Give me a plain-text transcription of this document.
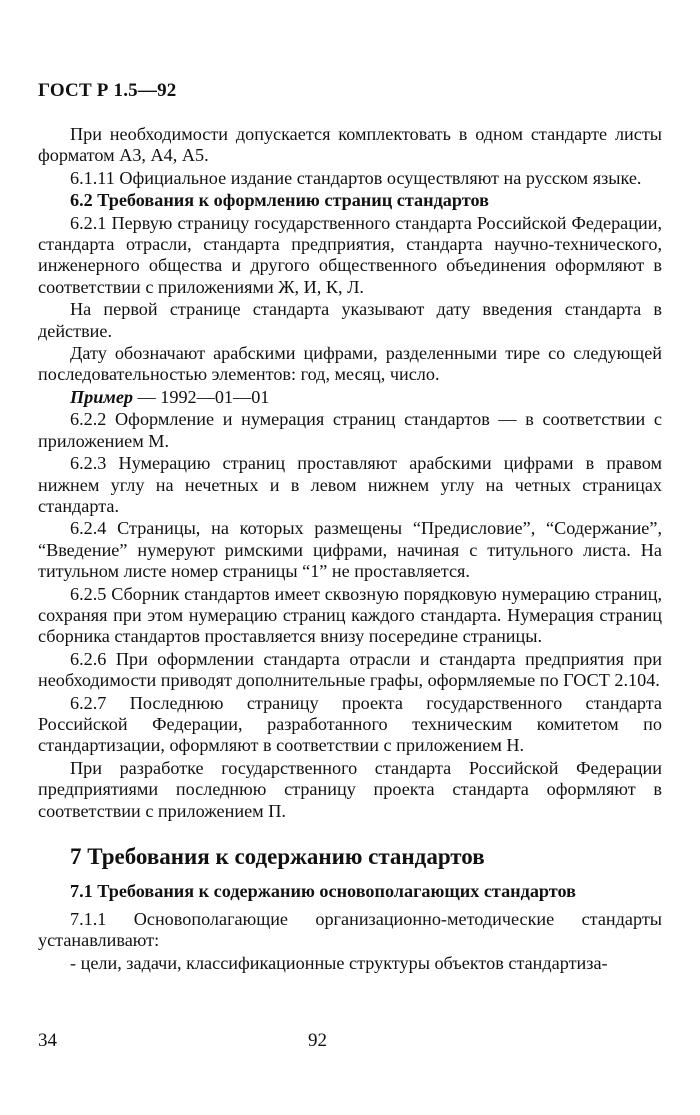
ГОСТ Р 1.5—92

При необходимости допускается комплектовать в одном стандарте листы форматом А3, А4, А5.

6.1.11 Официальное издание стандартов осуществляют на русском языке.

6.2 Требования к оформлению страниц стандартов

6.2.1 Первую страницу государственного стандарта Российской Федерации, стандарта отрасли, стандарта предприятия, стандарта научно-технического, инженерного общества и другого общественного объединения оформляют в соответствии с приложениями Ж, И, К, Л.

На первой странице стандарта указывают дату введения стандарта в действие.

Дату обозначают арабскими цифрами, разделенными тире со следующей последовательностью элементов: год, месяц, число.

Пример — 1992—01—01

6.2.2 Оформление и нумерация страниц стандартов — в соответствии с приложением М.

6.2.3 Нумерацию страниц проставляют арабскими цифрами в правом нижнем углу на нечетных и в левом нижнем углу на четных страницах стандарта.

6.2.4 Страницы, на которых размещены “Предисловие”, “Содержание”, “Введение” нумеруют римскими цифрами, начиная с титульного листа. На титульном листе номер страницы “1” не проставляется.

6.2.5 Сборник стандартов имеет сквозную порядковую нумерацию страниц, сохраняя при этом нумерацию страниц каждого стандарта. Нумерация страниц сборника стандартов проставляется внизу посередине страницы.

6.2.6 При оформлении стандарта отрасли и стандарта предприятия при необходимости приводят дополнительные графы, оформляемые по ГОСТ 2.104.

6.2.7 Последнюю страницу проекта государственного стандарта Российской Федерации, разработанного техническим комитетом по стандартизации, оформляют в соответствии с приложением Н.

При разработке государственного стандарта Российской Федерации предприятиями последнюю страницу проекта стандарта оформляют в соответствии с приложением П.

7 Требования к содержанию стандартов

7.1 Требования к содержанию основополагающих стандартов

7.1.1 Основополагающие организационно-методические стандарты устанавливают:

- цели, задачи, классификационные структуры объектов стандартиза-

34	92
